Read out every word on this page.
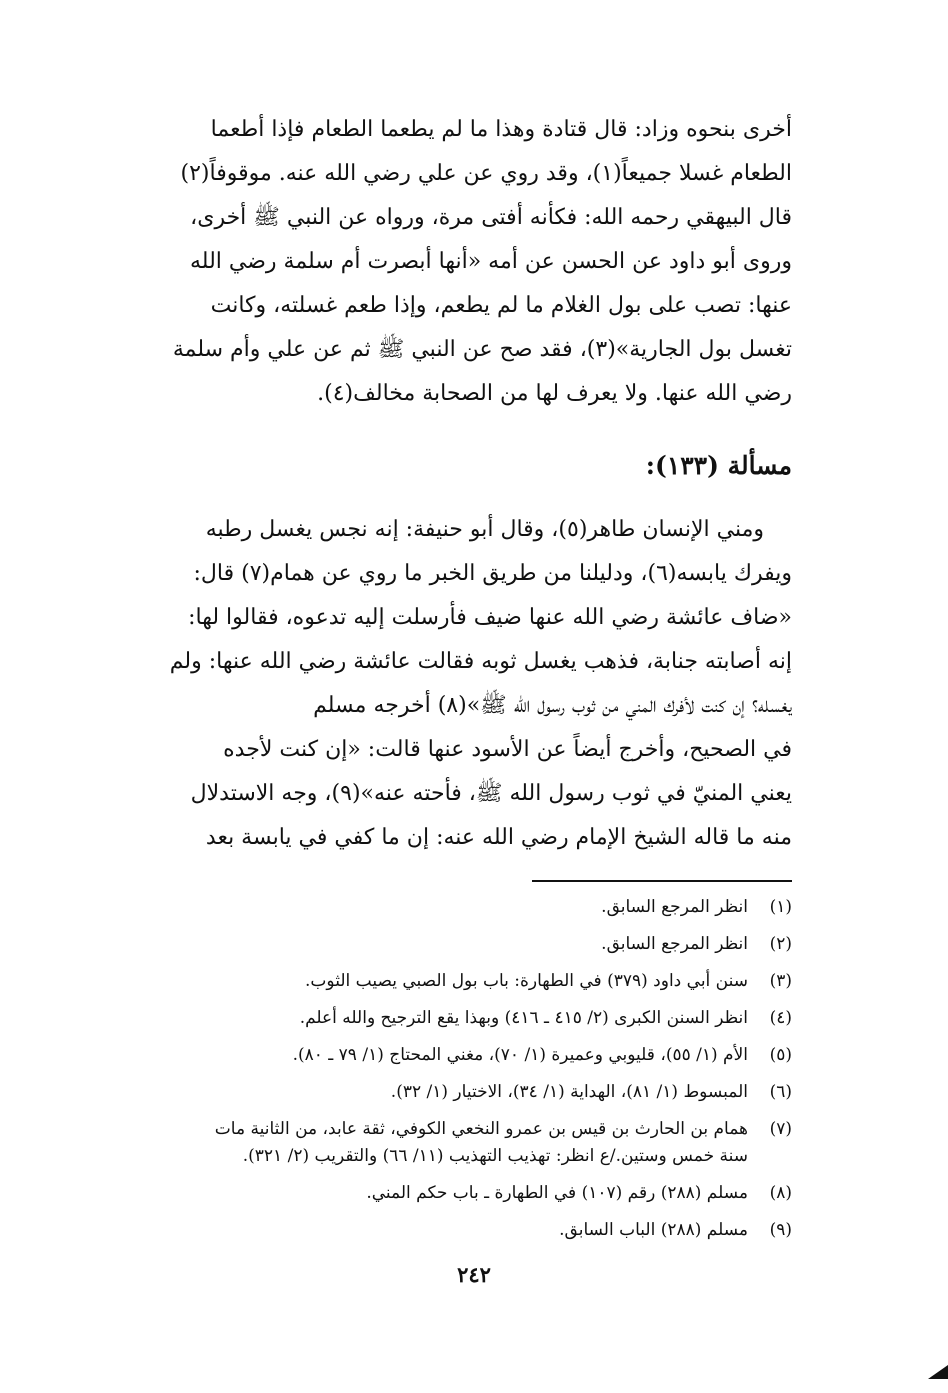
أخرى بنحوه وزاد: قال قتادة وهذا ما لم يطعما الطعام فإذا أطعما
الطعام غسلا جميعاً(١)، وقد روي عن علي رضي الله عنه. موقوفاً(٢)
قال البيهقي رحمه الله: فكأنه أفتى مرة، ورواه عن النبي ﷺ أخرى،
وروى أبو داود عن الحسن عن أمه «أنها أبصرت أم سلمة رضي الله
عنها: تصب على بول الغلام ما لم يطعم، وإذا طعم غسلته، وكانت
تغسل بول الجارية»(٣)، فقد صح عن النبي ﷺ ثم عن علي وأم سلمة
رضي الله عنها. ولا يعرف لها من الصحابة مخالف(٤).
مسألة (١٣٣):
ومني الإنسان طاهر(٥)، وقال أبو حنيفة: إنه نجس يغسل رطبه
ويفرك يابسه(٦)، ودليلنا من طريق الخبر ما روي عن همام(٧) قال:
«ضاف عائشة رضي الله عنها ضيف فأرسلت إليه تدعوه، فقالوا لها:
إنه أصابته جنابة، فذهب يغسل ثوبه فقالت عائشة رضي الله عنها: ولم
يغسله؟ إن كنت لأفرك المني من ثوب رسول الله ﷺ»(٨) أخرجه مسلم
في الصحيح، وأخرج أيضاً عن الأسود عنها قالت: «إن كنت لأجده
يعني المنيّ في ثوب رسول الله ﷺ، فأحته عنه»(٩)، وجه الاستدلال
منه ما قاله الشيخ الإمام رضي الله عنه: إن ما كفي في يابسة بعد
(١)
انظر المرجع السابق.
(٢)
انظر المرجع السابق.
(٣)
سنن أبي داود (٣٧٩) في الطهارة: باب بول الصبي يصيب الثوب.
(٤)
انظر السنن الكبرى (٢/ ٤١٥ ـ ٤١٦) وبهذا يقع الترجيح والله أعلم.
(٥)
الأم (١/ ٥٥)، قليوبي وعميرة (١/ ٧٠)، مغني المحتاج (١/ ٧٩ ـ ٨٠).
(٦)
المبسوط (١/ ٨١)، الهداية (١/ ٣٤)، الاختيار (١/ ٣٢).
(٧)
همام بن الحارث بن قيس بن عمرو النخعي الكوفي، ثقة عابد، من الثانية مات
سنة خمس وستين./ع انظر: تهذيب التهذيب (١١/ ٦٦) والتقريب (٢/ ٣٢١).
(٨)
مسلم (٢٨٨) رقم (١٠٧) في الطهارة ـ باب حكم المني.
(٩)
مسلم (٢٨٨) الباب السابق.
٢٤٢
